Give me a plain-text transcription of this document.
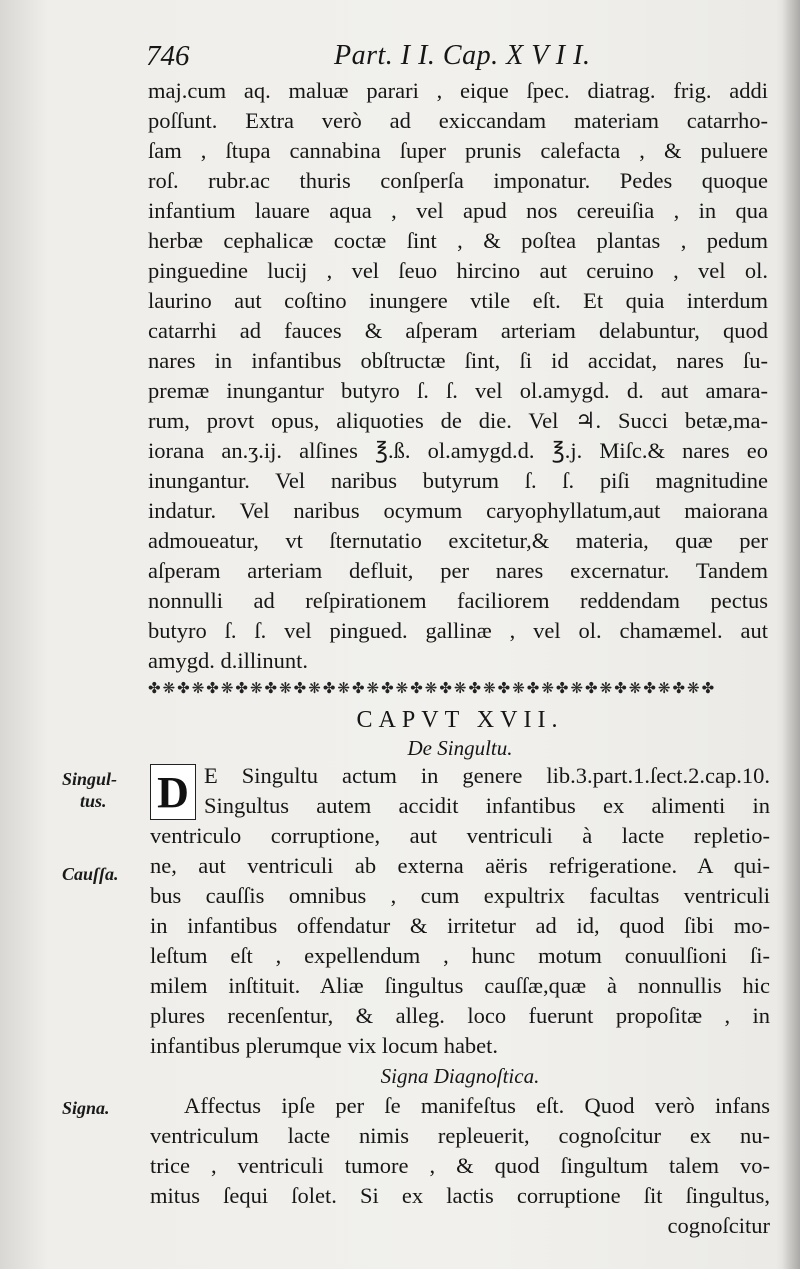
746	Part. I I. Cap. X V I I.
maj.cum aq. maluæ parari , eique ſpec. diatrag. frig. addi
poſſunt. Extra verò ad exiccandam materiam catarrho-
ſam , ſtupa cannabina ſuper prunis calefacta , & puluere
roſ. rubr.ac thuris conſperſa imponatur. Pedes quoque
infantium lauare aqua , vel apud nos cereuiſia , in qua
herbæ cephalicæ coctæ ſint , & poſtea plantas , pedum
pinguedine lucij , vel ſeuo hircino aut ceruino , vel ol.
laurino aut coſtino inungere vtile eſt. Et quia interdum
catarrhi ad fauces & aſperam arteriam delabuntur, quod
nares in infantibus obſtructæ ſint, ſi id accidat, nares ſu-
premæ inungantur butyro ſ. ſ. vel ol.amygd. d. aut amara-
rum, provt opus, aliquoties de die. Vel ♃. Succi betæ,ma-
iorana an.ʒ.ij. alſines ℥.ß. ol.amygd.d. ℥.j. Miſc.& nares eo
inungantur. Vel naribus butyrum ſ. ſ. piſi magnitudine
indatur. Vel naribus ocymum caryophyllatum,aut maiorana
admoueatur, vt ſternutatio excitetur,& materia, quæ per
aſperam arteriam defluit, per nares excernatur. Tandem
nonnulli ad reſpirationem faciliorem reddendam pectus
butyro ſ. ſ. vel pingued. gallinæ , vel ol. chamæmel. aut
amygd. d.illinunt.
✤❋✤❋✤❋✤❋✤❋✤❋✤❋✤❋✤❋✤❋✤❋✤❋✤❋✤❋✤❋✤❋✤❋✤❋✤❋✤
CAPVT XVII.
De Singultu.
D E Singultu actum in genere lib.3.part.1.ſect.2.cap.10.
Singultus autem accidit infantibus ex alimenti in
ventriculo corruptione, aut ventriculi à lacte repletio-
ne, aut ventriculi ab externa aëris refrigeratione. A qui-
bus cauſſis omnibus , cum expultrix facultas ventriculi
in infantibus offendatur & irritetur ad id, quod ſibi mo-
leſtum eſt , expellendum , hunc motum conuulſioni ſi-
milem inſtituit. Aliæ ſingultus cauſſæ,quæ à nonnullis hic
plures recenſentur, & alleg. loco fuerunt propoſitæ , in
infantibus plerumque vix locum habet.
Signa Diagnoſtica.
Affectus ipſe per ſe manifeſtus eſt. Quod verò infans
ventriculum lacte nimis repleuerit, cognoſcitur ex nu-
trice , ventriculi tumore , & quod ſingultum talem vo-
mitus ſequi ſolet. Si ex lactis corruptione ſit ſingultus,
cognoſcitur
Singul-
tus.
Cauſſa.
Signa.
